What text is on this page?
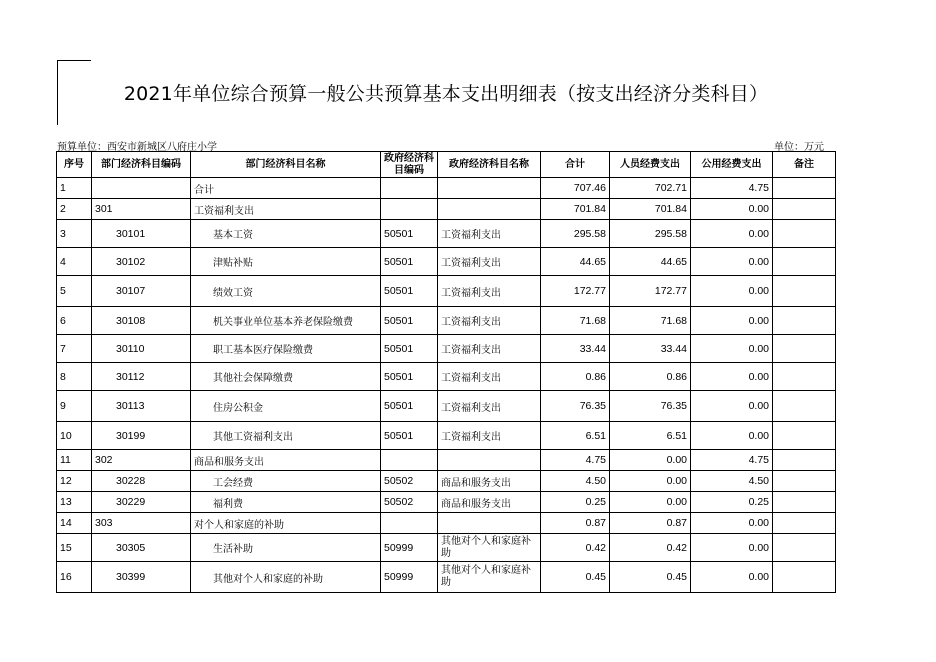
2021年单位综合预算一般公共预算基本支出明细表（按支出经济分类科目）
预算单位：西安市新城区八府庄小学	单位：万元
序号	部门经济科目编码	部门经济科目名称	政府经济科目编码	政府经济科目名称	合计	人员经费支出	公用经费支出	备注
1		合计			707.46	702.71	4.75	
2	301	工资福利支出			701.84	701.84	0.00	
3	30101	基本工资	50501	工资福利支出	295.58	295.58	0.00	
4	30102	津贴补贴	50501	工资福利支出	44.65	44.65	0.00	
5	30107	绩效工资	50501	工资福利支出	172.77	172.77	0.00	
6	30108	机关事业单位基本养老保险缴费	50501	工资福利支出	71.68	71.68	0.00	
7	30110	职工基本医疗保险缴费	50501	工资福利支出	33.44	33.44	0.00	
8	30112	其他社会保障缴费	50501	工资福利支出	0.86	0.86	0.00	
9	30113	住房公积金	50501	工资福利支出	76.35	76.35	0.00	
10	30199	其他工资福利支出	50501	工资福利支出	6.51	6.51	0.00	
11	302	商品和服务支出			4.75	0.00	4.75	
12	30228	工会经费	50502	商品和服务支出	4.50	0.00	4.50	
13	30229	福利费	50502	商品和服务支出	0.25	0.00	0.25	
14	303	对个人和家庭的补助			0.87	0.87	0.00	
15	30305	生活补助	50999	其他对个人和家庭补助	0.42	0.42	0.00	
16	30399	其他对个人和家庭的补助	50999	其他对个人和家庭补助	0.45	0.45	0.00	
